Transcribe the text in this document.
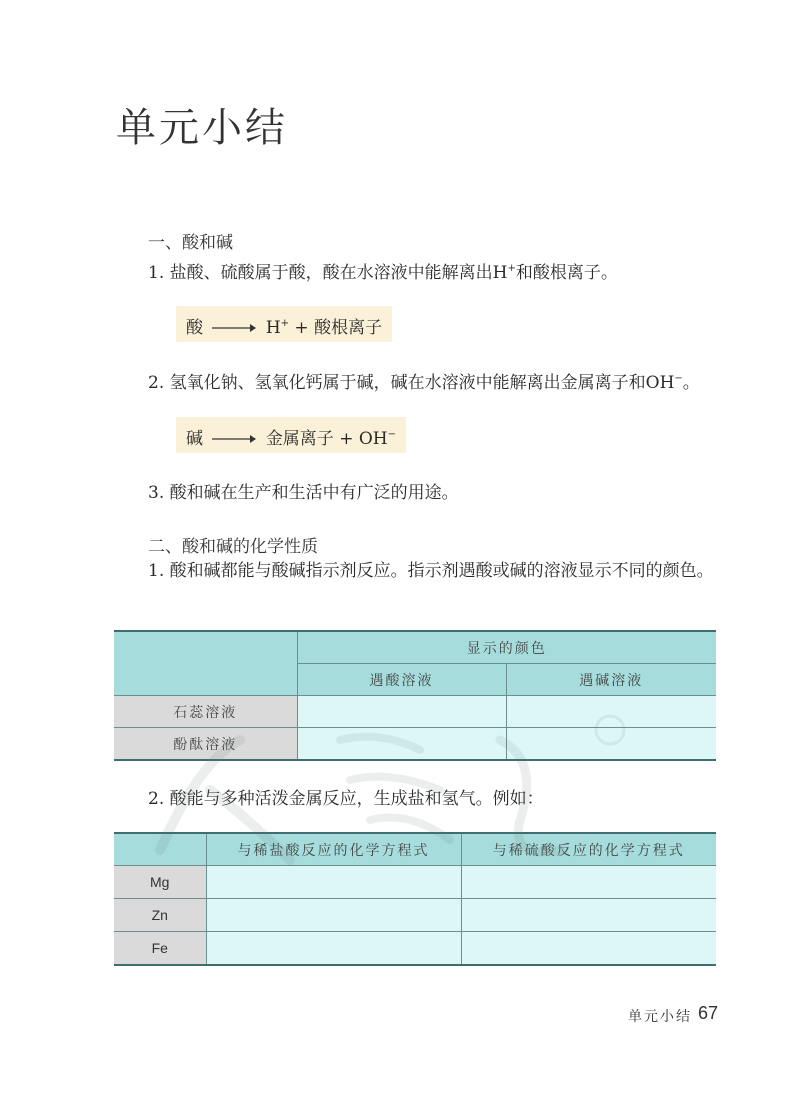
单元小结
一、酸和碱
1. 盐酸、硫酸属于酸，酸在水溶液中能解离出H+和酸根离子。
酸	H+ + 酸根离子
2. 氢氧化钠、氢氧化钙属于碱，碱在水溶液中能解离出金属离子和OH−。
碱	金属离子 + OH−
3. 酸和碱在生产和生活中有广泛的用途。
二、酸和碱的化学性质
1. 酸和碱都能与酸碱指示剂反应。指示剂遇酸或碱的溶液显示不同的颜色。
	显示的颜色	
	遇酸溶液	遇碱溶液
石蕊溶液		
酚酞溶液		
2. 酸能与多种活泼金属反应，生成盐和氢气。例如：
	与稀盐酸反应的化学方程式	与稀硫酸反应的化学方程式
Mg		
Zn		
Fe		
单元小结 67
